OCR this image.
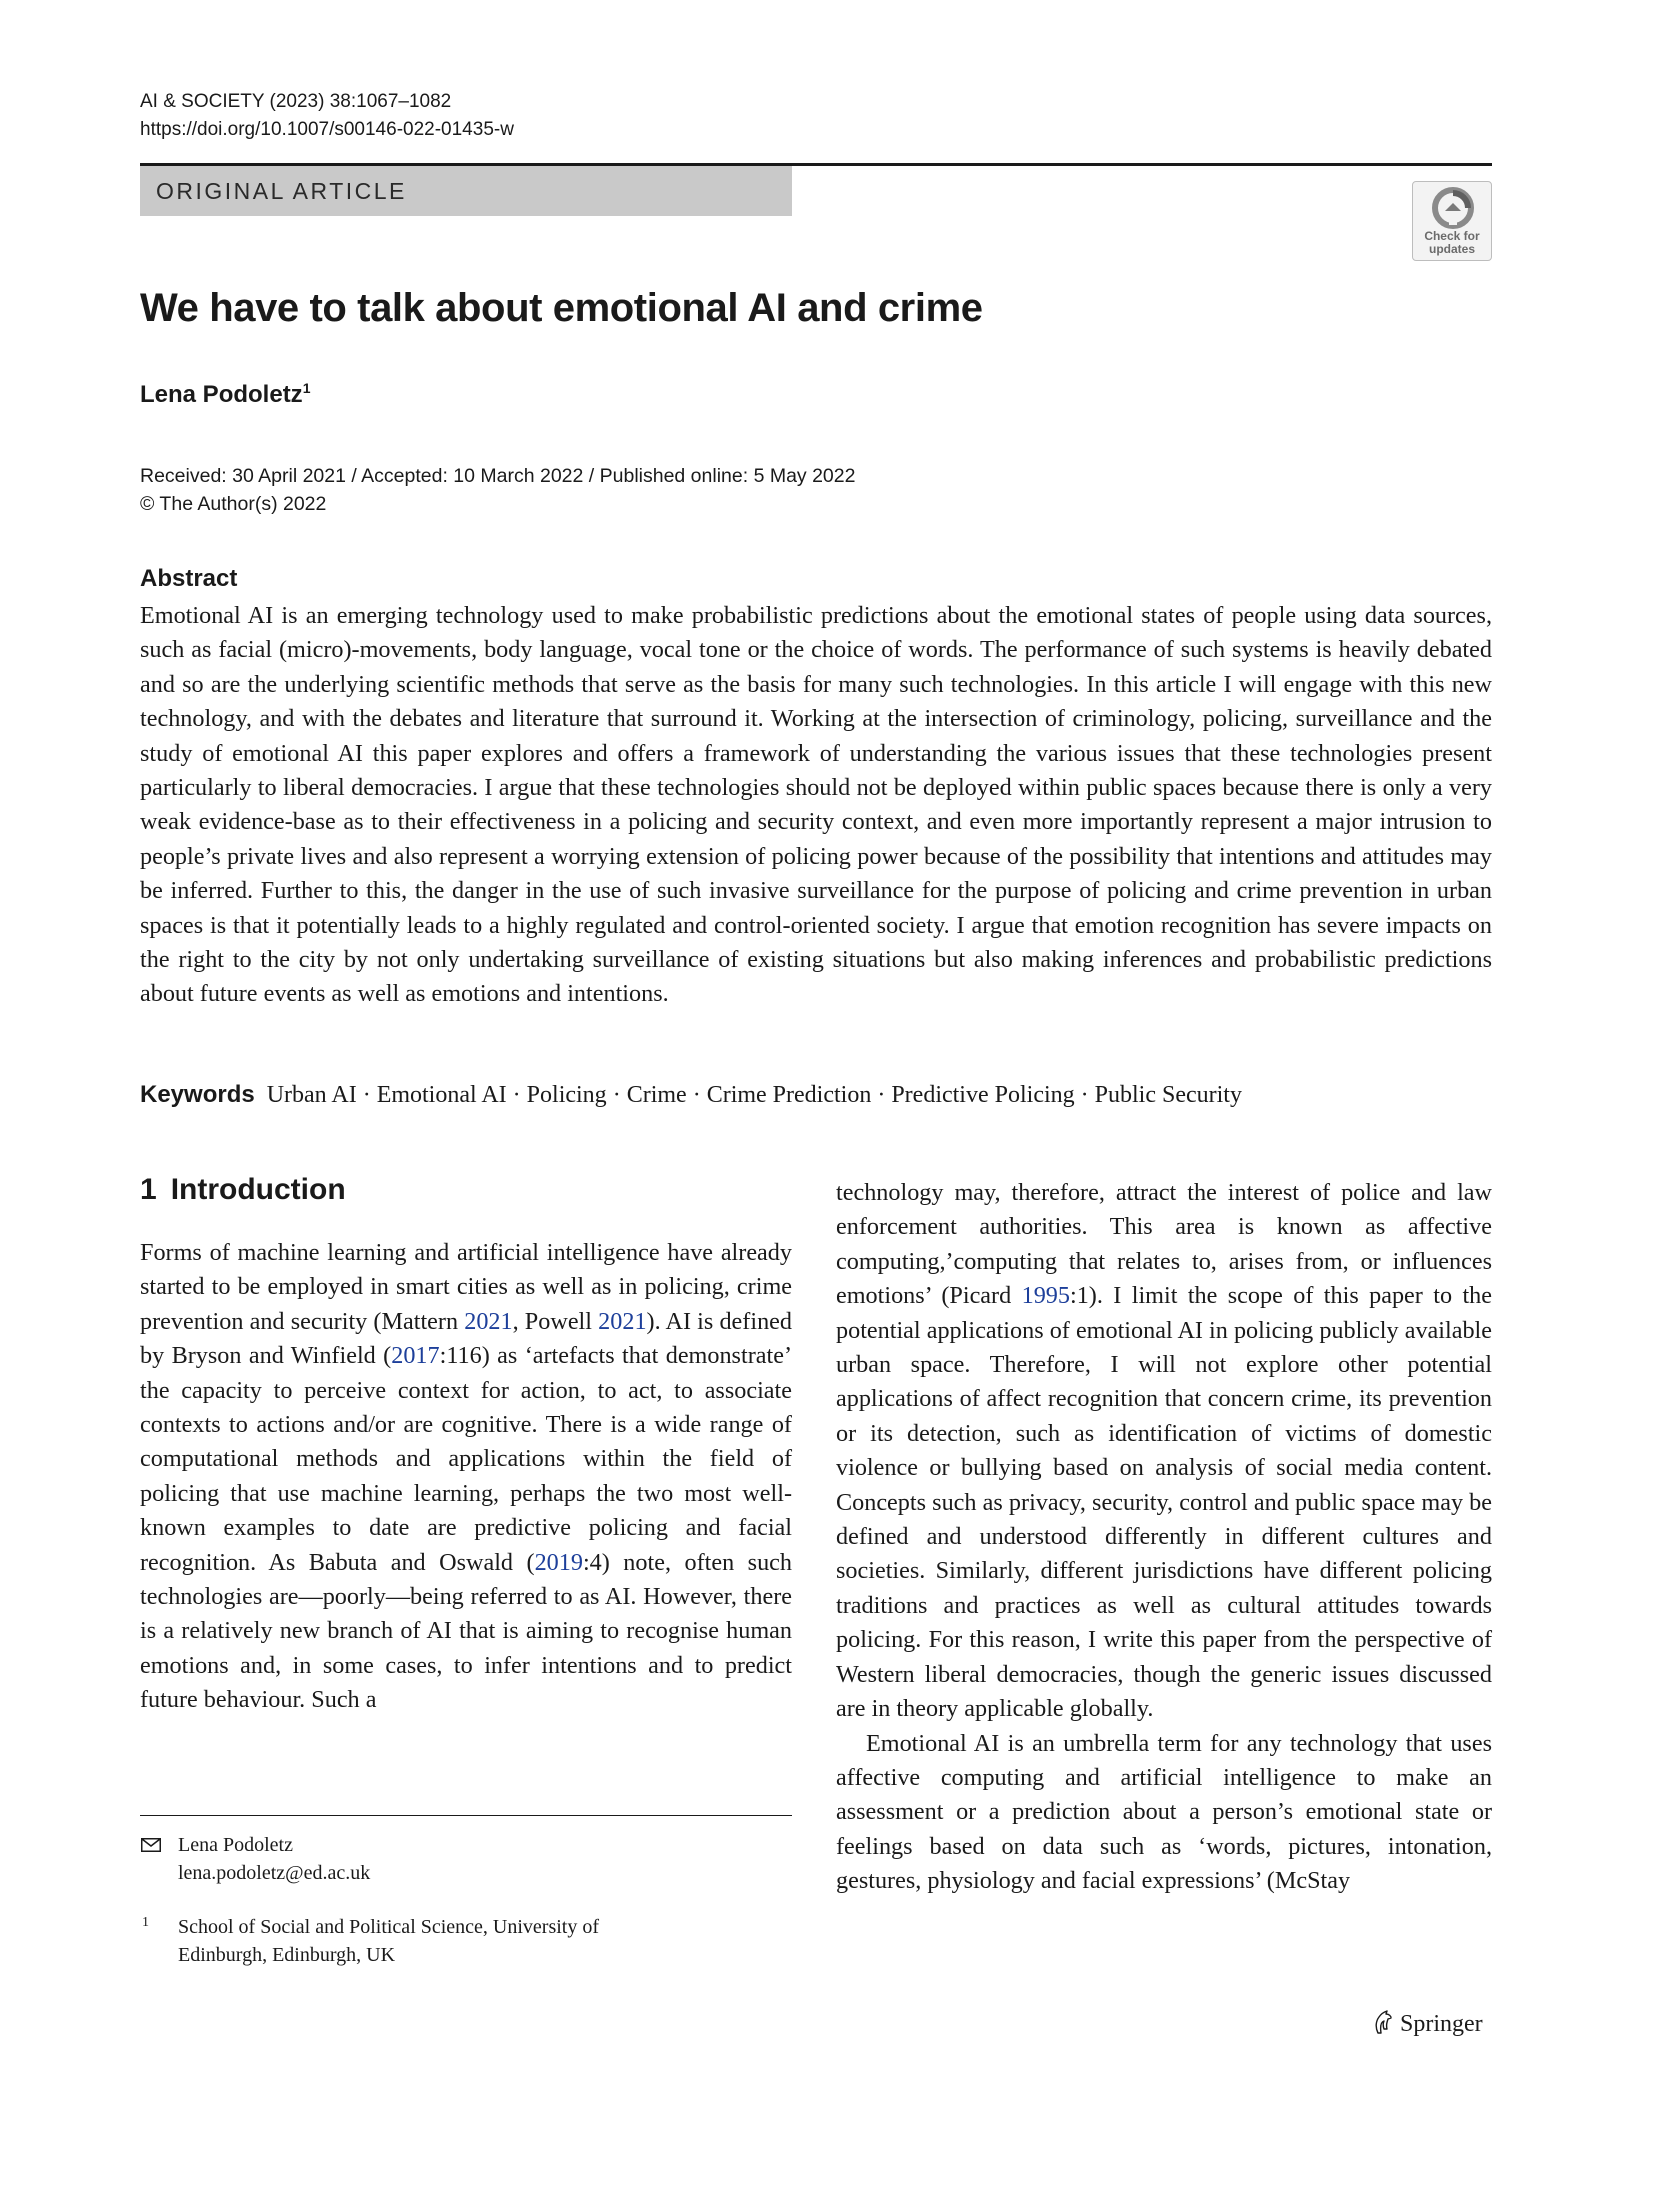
AI & SOCIETY (2023) 38:1067–1082
https://doi.org/10.1007/s00146-022-01435-w
ORIGINAL ARTICLE
Check for
updates
We have to talk about emotional AI and crime
Lena Podoletz$^1$
Received: 30 April 2021 / Accepted: 10 March 2022 / Published online: 5 May 2022
© The Author(s) 2022
Abstract

Emotional AI is an emerging technology used to make probabilistic predictions about the emotional states of people using data sources, such as facial (micro)-movements, body language, vocal tone or the choice of words. The performance of such systems is heavily debated and so are the underlying scientific methods that serve as the basis for many such technologies. In this article I will engage with this new technology, and with the debates and literature that surround it. Working at the intersection of criminology, policing, surveillance and the study of emotional AI this paper explores and offers a framework of understanding the various issues that these technologies present particularly to liberal democracies. I argue that these technologies should not be deployed within public spaces because there is only a very weak evidence-base as to their effectiveness in a policing and security context, and even more importantly represent a major intrusion to people’s private lives and also represent a worrying extension of policing power because of the possibility that intentions and attitudes may be inferred. Further to this, the danger in the use of such invasive surveillance for the purpose of policing and crime prevention in urban spaces is that it potentially leads to a highly regulated and control-oriented society. I argue that emotion recognition has severe impacts on the right to the city by not only undertaking surveillance of existing situations but also making inferences and probabilistic predictions about future events as well as emotions and intentions.

Keywords Urban AI · Emotional AI · Policing · Crime · Crime Prediction · Predictive Policing · Public Security
1 Introduction

Forms of machine learning and artificial intelligence have already started to be employed in smart cities as well as in policing, crime prevention and security (Mattern 2021, Powell 2021). AI is defined by Bryson and Winfield (2017:116) as ‘artefacts that demonstrate’ the capacity to perceive context for action, to act, to associate contexts to actions and/or are cognitive. There is a wide range of computational methods and applications within the field of policing that use machine learning, perhaps the two most well-known examples to date are predictive policing and facial recognition. As Babuta and Oswald (2019:4) note, often such technologies are—poorly—being referred to as AI. However, there is a relatively new branch of AI that is aiming to recognise human emotions and, in some cases, to infer intentions and to predict future behaviour. Such a

technology may, therefore, attract the interest of police and law enforcement authorities. This area is known as affective computing,’computing that relates to, arises from, or influences emotions’ (Picard 1995:1). I limit the scope of this paper to the potential applications of emotional AI in policing publicly available urban space. Therefore, I will not explore other potential applications of affect recognition that concern crime, its prevention or its detection, such as identification of victims of domestic violence or bullying based on analysis of social media content. Concepts such as privacy, security, control and public space may be defined and understood differently in different cultures and societies. Similarly, different jurisdictions have different policing traditions and practices as well as cultural attitudes towards policing. For this reason, I write this paper from the perspective of Western liberal democracies, though the generic issues discussed are in theory applicable globally.

Emotional AI is an umbrella term for any technology that uses affective computing and artificial intelligence to make an assessment or a prediction about a person’s emotional state or feelings based on data such as ‘words, pictures, intonation, gestures, physiology and facial expressions’ (McStay

Lena Podoletz
lena.podoletz@ed.ac.uk
1 School of Social and Political Science, University of Edinburgh, Edinburgh, UK
Springer
